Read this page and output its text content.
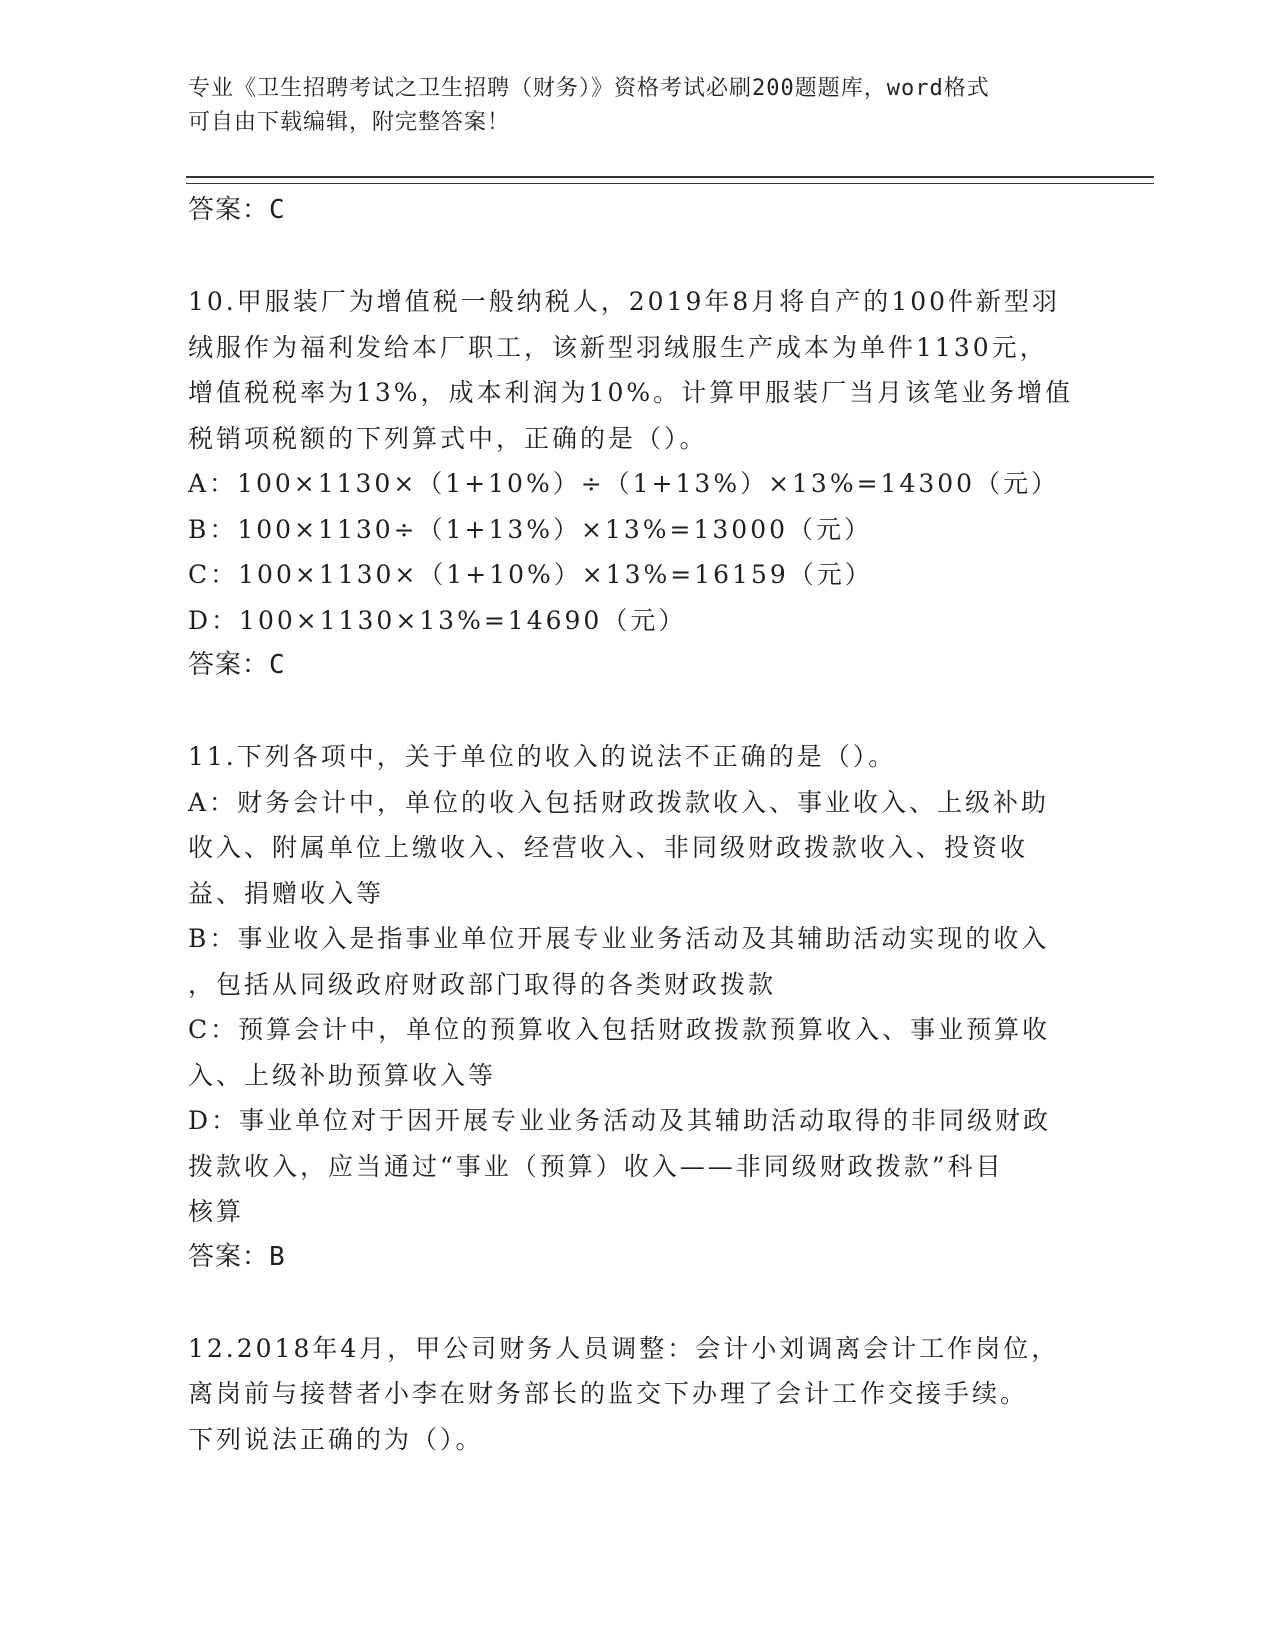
专业《卫生招聘考试之卫生招聘（财务）》资格考试必刷200题题库，word格式
可自由下载编辑，附完整答案！
答案：C
10.甲服装厂为增值税一般纳税人，2019年8月将自产的100件新型羽
绒服作为福利发给本厂职工，该新型羽绒服生产成本为单件1130元，
增值税税率为13%，成本利润为10%。计算甲服装厂当月该笔业务增值
税销项税额的下列算式中，正确的是（）。
A：100×1130×（1+10%）÷（1+13%）×13%=14300（元）
B：100×1130÷（1+13%）×13%=13000（元）
C：100×1130×（1+10%）×13%=16159（元）
D：100×1130×13%=14690（元）
答案：C
11.下列各项中，关于单位的收入的说法不正确的是（）。
A：财务会计中，单位的收入包括财政拨款收入、事业收入、上级补助
收入、附属单位上缴收入、经营收入、非同级财政拨款收入、投资收
益、捐赠收入等
B：事业收入是指事业单位开展专业业务活动及其辅助活动实现的收入
，包括从同级政府财政部门取得的各类财政拨款
C：预算会计中，单位的预算收入包括财政拨款预算收入、事业预算收
入、上级补助预算收入等
D：事业单位对于因开展专业业务活动及其辅助活动取得的非同级财政
拨款收入，应当通过“事业（预算）收入——非同级财政拨款”科目
核算
答案：B
12.2018年4月，甲公司财务人员调整：会计小刘调离会计工作岗位，
离岗前与接替者小李在财务部长的监交下办理了会计工作交接手续。
下列说法正确的为（）。
